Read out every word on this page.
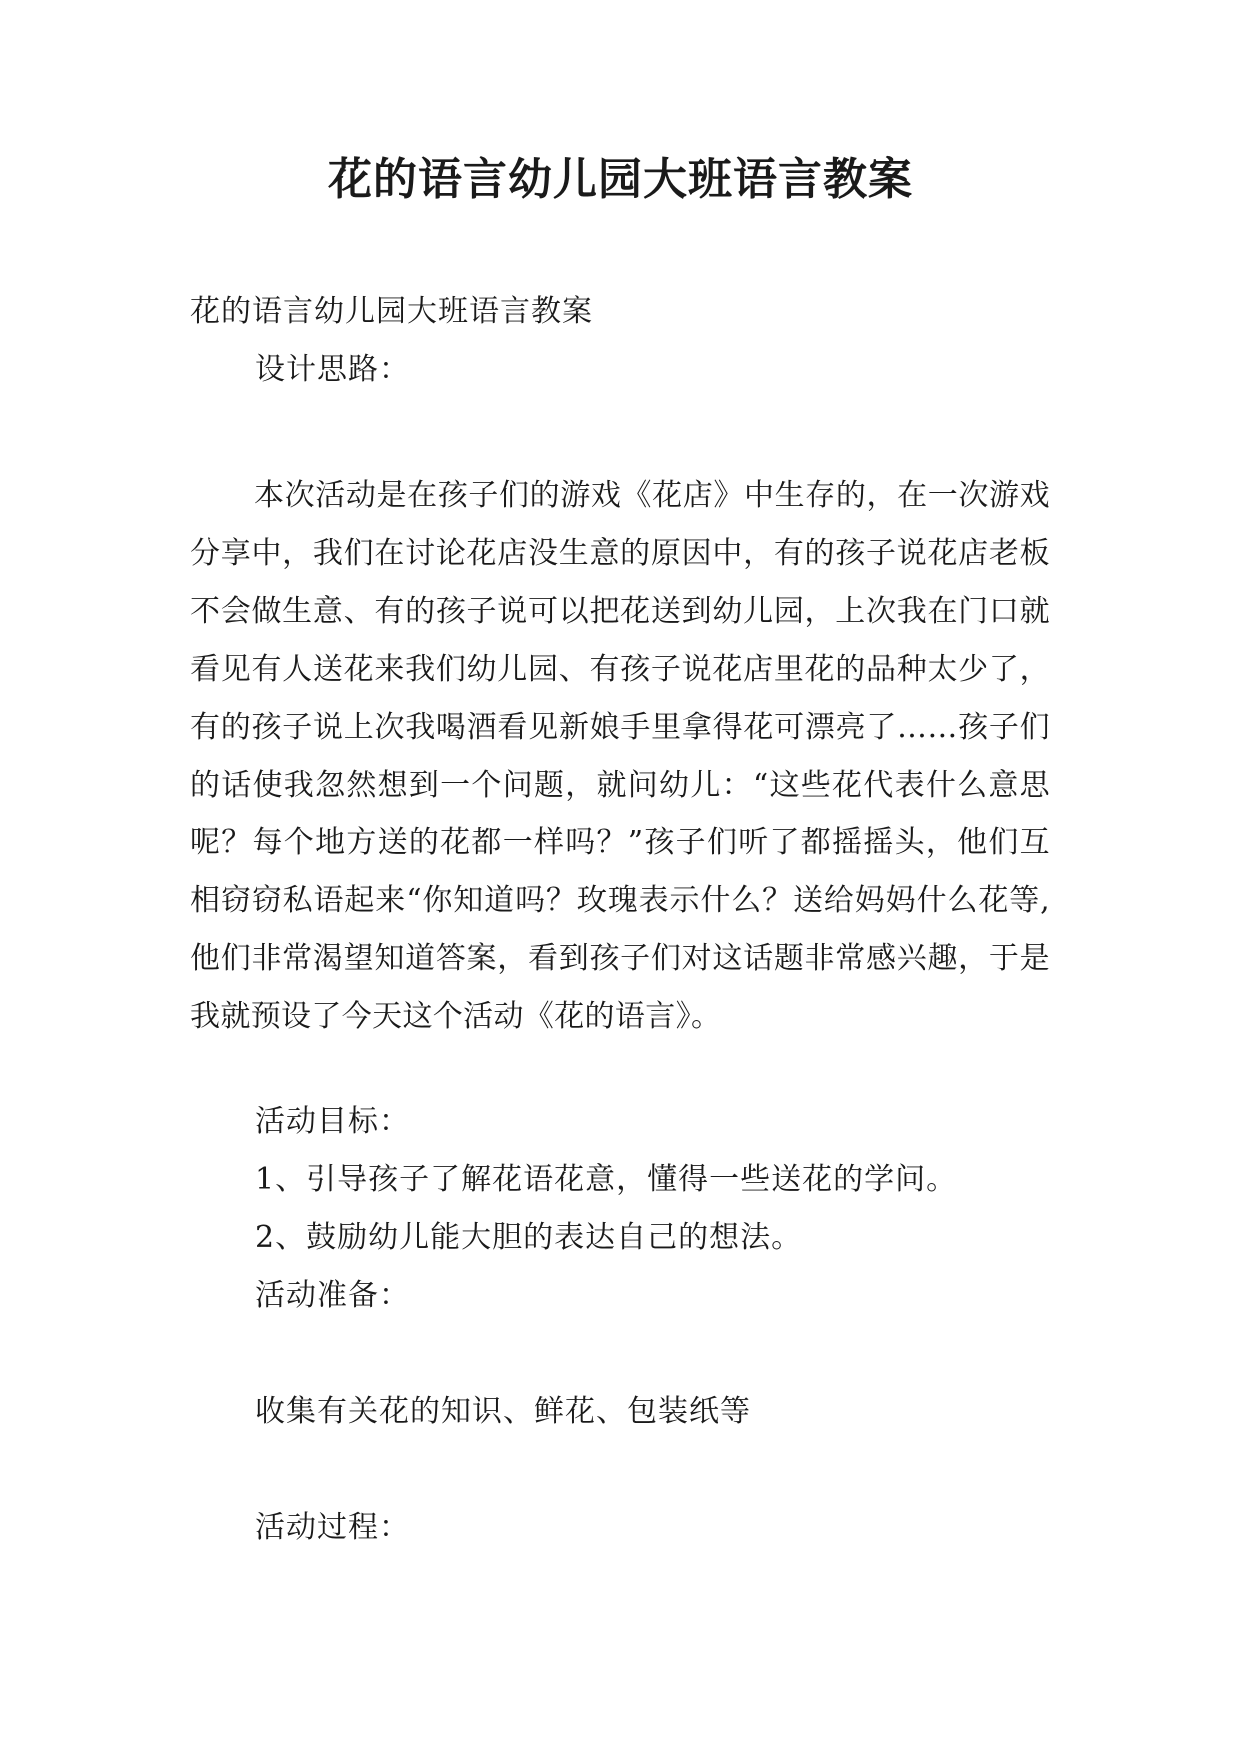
花的语言幼儿园大班语言教案

花的语言幼儿园大班语言教案

设计思路：

本次活动是在孩子们的游戏《花店》中生存的，在一次游戏分享中，我们在讨论花店没生意的原因中，有的孩子说花店老板不会做生意、有的孩子说可以把花送到幼儿园，上次我在门口就看见有人送花来我们幼儿园、有孩子说花店里花的品种太少了，有的孩子说上次我喝酒看见新娘手里拿得花可漂亮了……孩子们的话使我忽然想到一个问题，就问幼儿：“这些花代表什么意思呢？每个地方送的花都一样吗？”孩子们听了都摇摇头，他们互相窃窃私语起来“你知道吗？玫瑰表示什么？送给妈妈什么花等,他们非常渴望知道答案，看到孩子们对这话题非常感兴趣，于是我就预设了今天这个活动《花的语言》。

活动目标：

1、引导孩子了解花语花意，懂得一些送花的学问。

2、鼓励幼儿能大胆的表达自己的想法。

活动准备：

收集有关花的知识、鲜花、包装纸等

活动过程：
